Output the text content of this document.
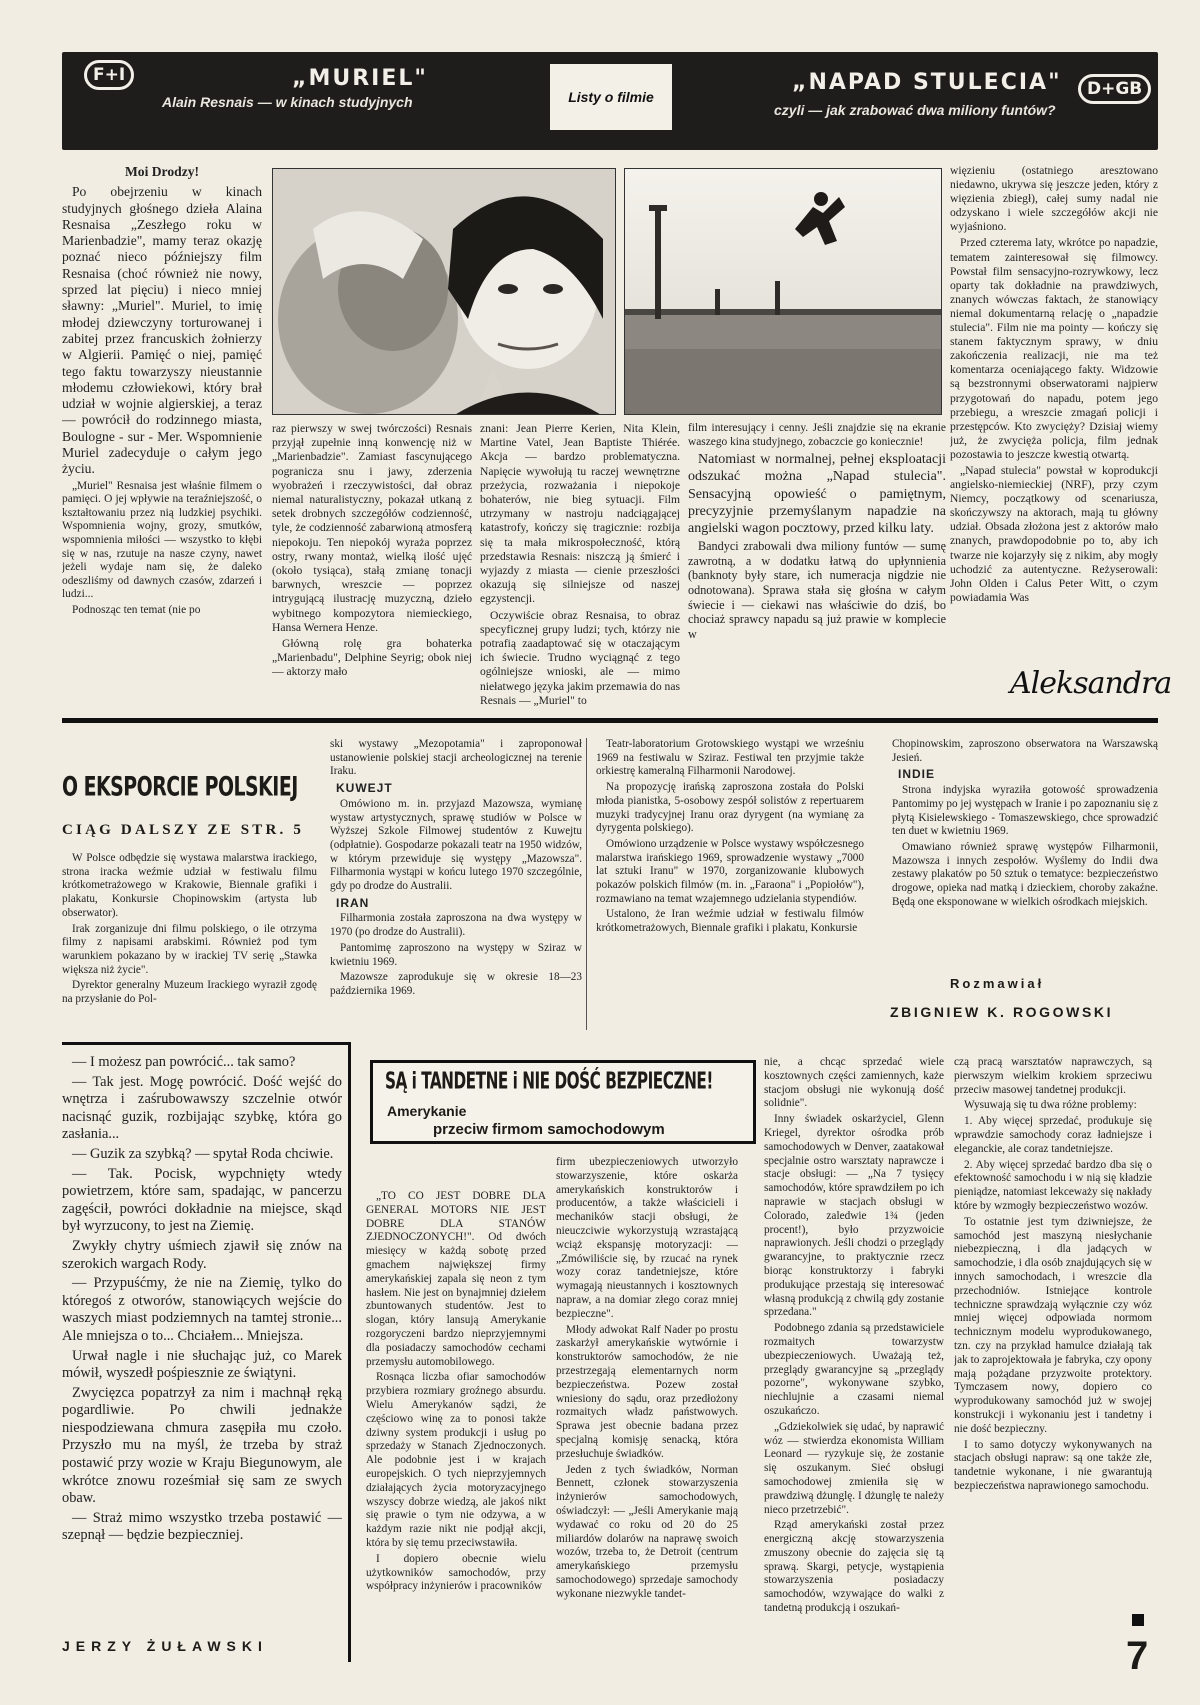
F+I	„MURIEL"
Alain Resnais — w kinach studyjnych	Listy o filmie
„NAPAD STULECIA"	D+GB
czyli — jak zrabować dwa miliony funtów?
Moi Drodzy!

Po obejrzeniu w kinach studyjnych głośnego dzieła Alaina Resnaisa „Zeszłego roku w Marienbadzie", mamy teraz okazję poznać nieco późniejszy film Resnaisa (choć również nie nowy, sprzed lat pięciu) i nieco mniej sławny: „Muriel". Muriel, to imię młodej dziewczyny torturowanej i zabitej przez francuskich żołnierzy w Algierii. Pamięć o niej, pamięć tego faktu towarzyszy nieustannie młodemu człowiekowi, który brał udział w wojnie algierskiej, a teraz — powrócił do rodzinnego miasta, Boulogne - sur - Mer. Wspomnienie Muriel zadecyduje o całym jego życiu.

„Muriel" Resnaisa jest właśnie filmem o pamięci. O jej wpływie na teraźniejszość, o kształtowaniu przez nią ludzkiej psychiki. Wspomnienia wojny, grozy, smutków, wspomnienia miłości — wszystko to kłębi się w nas, rzutuje na nasze czyny, nawet jeżeli wydaje nam się, że daleko odeszliśmy od dawnych czasów, zdarzeń i ludzi...

Podnosząc ten temat (nie po

raz pierwszy w swej twórczości) Resnais przyjął zupełnie inną konwencję niż w „Marienbadzie". Zamiast fascynującego pogranicza snu i jawy, zderzenia wyobrażeń i rzeczywistości, dał obraz niemal naturalistyczny, pokazał utkaną z setek drobnych szczegółów codzienność, tyle, że codzienność zabarwioną atmosferą niepokoju. Ten niepokój wyraża poprzez ostry, rwany montaż, wielką ilość ujęć (około tysiąca), stałą zmianę tonacji barwnych, wreszcie — poprzez intrygującą ilustrację muzyczną, dzieło wybitnego kompozytora niemieckiego, Hansa Wernera Henze.

Główną rolę gra bohaterka „Marienbadu", Delphine Seyrig; obok niej — aktorzy mało

znani: Jean Pierre Kerien, Nita Klein, Martine Vatel, Jean Baptiste Thiérée. Akcja — bardzo problematyczna. Napięcie wywołują tu raczej wewnętrzne przeżycia, rozważania i niepokoje bohaterów, nie bieg sytuacji. Film utrzymany w nastroju nadciągającej katastrofy, kończy się tragicznie: rozbija się ta mała mikrospołeczność, którą przedstawia Resnais: niszczą ją śmierć i wyjazdy z miasta — cienie przeszłości okazują się silniejsze od naszej egzystencji.

Oczywiście obraz Resnaisa, to obraz specyficznej grupy ludzi; tych, którzy nie potrafią zaadaptować się w otaczającym ich świecie. Trudno wyciągnąć z tego ogólniejsze wnioski, ale — mimo niełatwego języka jakim przemawia do nas Resnais — „Muriel" to

film interesujący i cenny. Jeśli znajdzie się na ekranie waszego kina studyjnego, zobaczcie go koniecznie!

Natomiast w normalnej, pełnej eksploatacji odszukać można „Napad stulecia". Sensacyjną opowieść o pamiętnym, precyzyjnie przemyślanym napadzie na angielski wagon pocztowy, przed kilku laty.

Bandyci zrabowali dwa miliony funtów — sumę zawrotną, a w dodatku łatwą do upłynnienia (banknoty były stare, ich numeracja nigdzie nie odnotowana). Sprawa stała się głośna w całym świecie i — ciekawi nas właściwie do dziś, bo chociaż sprawcy napadu są już prawie w komplecie w

więzieniu (ostatniego aresztowano niedawno, ukrywa się jeszcze jeden, który z więzienia zbiegł), całej sumy nadal nie odzyskano i wiele szczegółów akcji nie wyjaśniono.

Przed czterema laty, wkrótce po napadzie, tematem zainteresował się filmowcy. Powstał film sensacyjno-rozrywkowy, lecz oparty tak dokładnie na prawdziwych, znanych wówczas faktach, że stanowiący niemal dokumentarną relację o „napadzie stulecia". Film nie ma pointy — kończy się stanem faktycznym sprawy, w dniu zakończenia realizacji, nie ma też komentarza oceniającego fakty. Widzowie są bezstronnymi obserwatorami najpierw przygotowań do napadu, potem jego przebiegu, a wreszcie zmagań policji i przestępców. Kto zwycięży? Dzisiaj wiemy już, że zwycięża policja, film jednak pozostawia to jeszcze kwestią otwartą.

„Napad stulecia" powstał w koprodukcji angielsko-niemieckiej (NRF), przy czym Niemcy, początkowy od scenariusza, skończywszy na aktorach, mają tu główny udział. Obsada złożona jest z aktorów mało znanych, prawdopodobnie po to, aby ich twarze nie kojarzyły się z nikim, aby mogły uchodzić za autentyczne. Reżyserowali: John Olden i Calus Peter Witt, o czym powiadamia Was

Aleksandra
O EKSPORCIE POLSKIEJ
CIĄG DALSZY ZE STR. 5

W Polsce odbędzie się wystawa malarstwa irackiego, strona iracka weźmie udział w festiwalu filmu krótkometrażowego w Krakowie, Biennale grafiki i plakatu, Konkursie Chopinowskim (artysta lub obserwator).

Irak zorganizuje dni filmu polskiego, o ile otrzyma filmy z napisami arabskimi. Również pod tym warunkiem pokazano by w irackiej TV serię „Stawka większa niż życie".

Dyrektor generalny Muzeum Irackiego wyraził zgodę na przysłanie do Pol-

ski wystawy „Mezopotamia" i zaproponował ustanowienie polskiej stacji archeologicznej na terenie Iraku.

KUWEJT

Omówiono m. in. przyjazd Mazowsza, wymianę wystaw artystycznych, sprawę studiów w Polsce w Wyższej Szkole Filmowej studentów z Kuwejtu (odpłatnie). Gospodarze pokazali teatr na 1950 widzów, w którym przewiduje się występy „Mazowsza". Filharmonia wystąpi w końcu lutego 1970 szczególnie, gdy po drodze do Australii.

IRAN

Filharmonia została zaproszona na dwa występy w 1970 (po drodze do Australii).

Pantomimę zaproszono na występy w Sziraz w kwietniu 1969.

Mazowsze zaprodukuje się w okresie 18—23 października 1969.

Teatr-laboratorium Grotowskiego wystąpi we wrześniu 1969 na festiwalu w Sziraz. Festiwal ten przyjmie także orkiestrę kameralną Filharmonii Narodowej.

Na propozycję irańską zaproszona została do Polski młoda pianistka, 5-osobowy zespół solistów z repertuarem muzyki tradycyjnej Iranu oraz dyrygent (na wymianę za dyrygenta polskiego).

Omówiono urządzenie w Polsce wystawy współczesnego malarstwa irańskiego 1969, sprowadzenie wystawy „7000 lat sztuki Iranu" w 1970, zorganizowanie klubowych pokazów polskich filmów (m. in. „Faraona" i „Popiołów"), rozmawiano na temat wzajemnego udzielania stypendiów.

Ustalono, że Iran weźmie udział w festiwalu filmów krótkometrażowych, Biennale grafiki i plakatu, Konkursie

Chopinowskim, zaproszono obserwatora na Warszawską Jesień.

INDIE

Strona indyjska wyraziła gotowość sprowadzenia Pantomimy po jej występach w Iranie i po zapoznaniu się z płytą Kisielewskiego - Tomaszewskiego, chce sprowadzić ten duet w kwietniu 1969.

Omawiano również sprawę występów Filharmonii, Mazowsza i innych zespołów. Wyślemy do Indii dwa zestawy plakatów po 50 sztuk o tematyce: bezpieczeństwo drogowe, opieka nad matką i dzieckiem, choroby zakaźne. Będą one eksponowane w wielkich ośrodkach miejskich.

Rozmawiał
ZBIGNIEW K. ROGOWSKI

— I możesz pan powrócić... tak samo?

— Tak jest. Mogę powrócić. Dość wejść do wnętrza i zaśrubowawszy szczelnie otwór nacisnąć guzik, rozbijając szybkę, która go zasłania...

— Guzik za szybką? — spytał Roda chciwie.

— Tak. Pocisk, wypchnięty wtedy powietrzem, które sam, spadając, w pancerzu zagęścił, powróci dokładnie na miejsce, skąd był wyrzucony, to jest na Ziemię.

Zwykły chytry uśmiech zjawił się znów na szerokich wargach Rody.

— Przypuśćmy, że nie na Ziemię, tylko do któregoś z otworów, stanowiących wejście do waszych miast podziemnych na tamtej stronie... Ale mniejsza o to... Chciałem... Mniejsza.

Urwał nagle i nie słuchając już, co Marek mówił, wyszedł pośpiesznie ze świątyni.

Zwycięzca popatrzył za nim i machnął ręką pogardliwie. Po chwili jednakże niespodziewana chmura zasępiła mu czoło. Przyszło mu na myśl, że trzeba by straż postawić przy wozie w Kraju Biegunowym, ale wkrótce znowu roześmiał się sam ze swych obaw.

— Straż mimo wszystko trzeba postawić — szepnął — będzie bezpieczniej.

JERZY ŻUŁAWSKI
SĄ i TANDETNE i NIE DOŚĆ BEZPIECZNE!
Amerykanie
przeciw firmom samochodowym

„TO CO JEST DOBRE DLA GENERAL MOTORS NIE JEST DOBRE DLA STANÓW ZJEDNOCZONYCH!". Od dwóch miesięcy w każdą sobotę przed gmachem największej firmy amerykańskiej zapala się neon z tym hasłem. Nie jest on bynajmniej dziełem zbuntowanych studentów. Jest to slogan, który lansują Amerykanie rozgoryczeni bardzo nieprzyjemnymi dla posiadaczy samochodów cechami przemysłu automobilowego.

Rosnąca liczba ofiar samochodów przybiera rozmiary groźnego absurdu. Wielu Amerykanów sądzi, że częściowo winę za to ponosi także dziwny system produkcji i usług po sprzedaży w Stanach Zjednoczonych. Ale podobnie jest i w krajach europejskich. O tych nieprzyjemnych działających życia motoryzacyjnego wszyscy dobrze wiedzą, ale jakoś nikt się prawie o tym nie odzywa, a w każdym razie nikt nie podjął akcji, która by się temu przeciwstawiła.

I dopiero obecnie wielu użytkowników samochodów, przy współpracy inżynierów i pracowników

firm ubezpieczeniowych utworzyło stowarzyszenie, które oskarża amerykańskich konstruktorów i producentów, a także właścicieli i mechaników stacji obsługi, że nieuczciwie wykorzystują wzrastającą wciąż ekspansję motoryzacji: — „Zmówiliście się, by rzucać na rynek wozy coraz tandetniejsze, które wymagają nieustannych i kosztownych napraw, a na domiar złego coraz mniej bezpieczne".

Młody adwokat Ralf Nader po prostu zaskarżył amerykańskie wytwórnie i konstruktorów samochodów, że nie przestrzegają elementarnych norm bezpieczeństwa. Pozew został wniesiony do sądu, oraz przedłożony rozmaitych władz państwowych. Sprawa jest obecnie badana przez specjalną komisję senacką, która przesłuchuje świadków.

Jeden z tych świadków, Norman Bennett, członek stowarzyszenia inżynierów samochodowych, oświadczył: — „Jeśli Amerykanie mają wydawać co roku od 20 do 25 miliardów dolarów na naprawę swoich wozów, trzeba to, że Detroit (centrum amerykańskiego przemysłu samochodowego) sprzedaje samochody wykonane niezwykle tandet-

nie, a chcąc sprzedać wiele kosztownych części zamiennych, każe stacjom obsługi nie wykonują dość solidnie".

Inny świadek oskarżyciel, Glenn Kriegel, dyrektor ośrodka prób samochodowych w Denver, zaatakował specjalnie ostro warsztaty naprawcze i stacje obsługi: — „Na 7 tysięcy samochodów, które sprawdziłem po ich naprawie w stacjach obsługi w Colorado, zaledwie 1¾ (jeden procent!), było przyzwoicie naprawionych. Jeśli chodzi o przeglądy gwarancyjne, to praktycznie rzecz biorąc konstruktorzy i fabryki produkujące przestają się interesować własną produkcją z chwilą gdy zostanie sprzedana."

Podobnego zdania są przedstawiciele rozmaitych towarzystw ubezpieczeniowych. Uważają też, przeglądy gwarancyjne są „przeglądy pozorne", wykonywane szybko, niechlujnie a czasami niemal oszukańczo.

„Gdziekolwiek się udać, by naprawić wóz — stwierdza ekonomista William Leonard — ryzykuje się, że zostanie się oszukanym. Sieć obsługi samochodowej zmieniła się w prawdziwą dżunglę. I dżunglę te należy nieco przetrzebić".

Rząd amerykański został przez energiczną akcję stowarzyszenia zmuszony obecnie do zajęcia się tą sprawą. Skargi, petycje, wystąpienia stowarzyszenia posiadaczy samochodów, wzywające do walki z tandetną produkcją i oszukań-

czą pracą warsztatów naprawczych, są pierwszym wielkim krokiem sprzeciwu przeciw masowej tandetnej produkcji.

Wysuwają się tu dwa różne problemy:

1. Aby więcej sprzedać, produkuje się wprawdzie samochody coraz ładniejsze i eleganckie, ale coraz tandetniejsze.

2. Aby więcej sprzedać bardzo dba się o efektowność samochodu i w nią się kładzie pieniądze, natomiast lekceważy się nakłady które by wzmogły bezpieczeństwo wozów.

To ostatnie jest tym dziwniejsze, że samochód jest maszyną niesłychanie niebezpieczną, i dla jadących w samochodzie, i dla osób znajdujących się w innych samochodach, i wreszcie dla przechodniów. Istniejące kontrole techniczne sprawdzają wyłącznie czy wóz mniej więcej odpowiada normom technicznym modelu wyprodukowanego, tzn. czy na przykład hamulce działają tak jak to zaprojektowała je fabryka, czy opony mają pożądane przyzwoite protektory. Tymczasem nowy, dopiero co wyprodukowany samochód już w swojej konstrukcji i wykonaniu jest i tandetny i nie dość bezpieczny.

I to samo dotyczy wykonywanych na stacjach obsługi napraw: są one także złe, tandetnie wykonane, i nie gwarantują bezpieczeństwa naprawionego samochodu.

7
